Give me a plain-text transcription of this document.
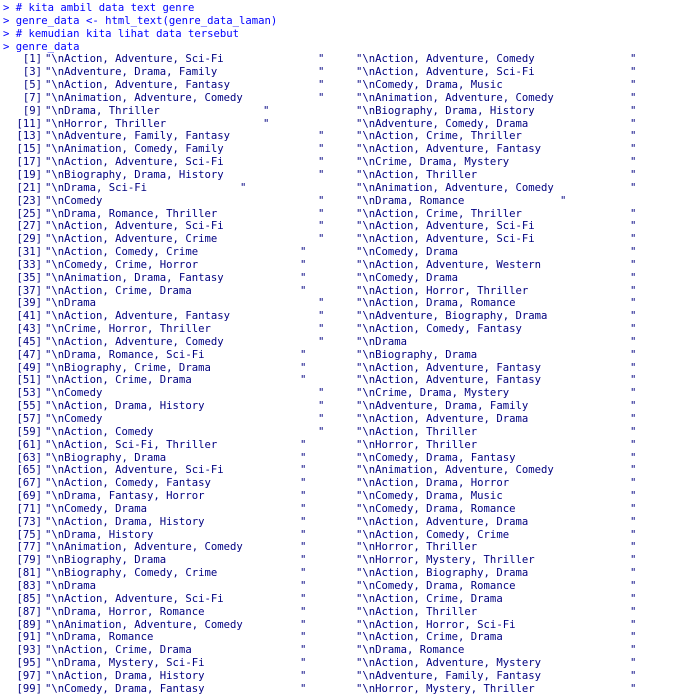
> # kita ambil data text genre
> genre_data <- html_text(genre_data_laman)
> # kemudian kita lihat data tersebut
> genre_data
[1] "\nAction, Adventure, Sci-Fi	"	"\nAction, Adventure, Comedy	"
[3] "\nAdventure, Drama, Family	"	"\nAction, Adventure, Sci-Fi	"
[5] "\nAction, Adventure, Fantasy	"	"\nComedy, Drama, Music	"
[7] "\nAnimation, Adventure, Comedy	"	"\nAnimation, Adventure, Comedy	"
[9] "\nDrama, Thriller	"	"\nBiography, Drama, History	"
[11] "\nHorror, Thriller	"	"\nAdventure, Comedy, Drama	"
[13] "\nAdventure, Family, Fantasy	"	"\nAction, Crime, Thriller	"
[15] "\nAnimation, Comedy, Family	"	"\nAction, Adventure, Fantasy	"
[17] "\nAction, Adventure, Sci-Fi	"	"\nCrime, Drama, Mystery	"
[19] "\nBiography, Drama, History	"	"\nAction, Thriller	"
[21] "\nDrama, Sci-Fi	"	"\nAnimation, Adventure, Comedy	"
[23] "\nComedy	"	"\nDrama, Romance	"
[25] "\nDrama, Romance, Thriller	"	"\nAction, Crime, Thriller	"
[27] "\nAction, Adventure, Sci-Fi	"	"\nAction, Adventure, Sci-Fi	"
[29] "\nAction, Adventure, Crime	"	"\nAction, Adventure, Sci-Fi	"
[31] "\nAction, Comedy, Crime	"	"\nComedy, Drama	"
[33] "\nComedy, Crime, Horror	"	"\nAction, Adventure, Western	"
[35] "\nAnimation, Drama, Fantasy	"	"\nComedy, Drama	"
[37] "\nAction, Crime, Drama	"	"\nAction, Horror, Thriller	"
[39] "\nDrama	"	"\nAction, Drama, Romance	"
[41] "\nAction, Adventure, Fantasy	"	"\nAdventure, Biography, Drama	"
[43] "\nCrime, Horror, Thriller	"	"\nAction, Comedy, Fantasy	"
[45] "\nAction, Adventure, Comedy	"	"\nDrama	"
[47] "\nDrama, Romance, Sci-Fi	"	"\nBiography, Drama	"
[49] "\nBiography, Crime, Drama	"	"\nAction, Adventure, Fantasy	"
[51] "\nAction, Crime, Drama	"	"\nAction, Adventure, Fantasy	"
[53] "\nComedy	"	"\nCrime, Drama, Mystery	"
[55] "\nAction, Drama, History	"	"\nAdventure, Drama, Family	"
[57] "\nComedy	"	"\nAction, Adventure, Drama	"
[59] "\nAction, Comedy	"	"\nAction, Thriller	"
[61] "\nAction, Sci-Fi, Thriller	"	"\nHorror, Thriller	"
[63] "\nBiography, Drama	"	"\nComedy, Drama, Fantasy	"
[65] "\nAction, Adventure, Sci-Fi	"	"\nAnimation, Adventure, Comedy	"
[67] "\nAction, Comedy, Fantasy	"	"\nAction, Drama, Horror	"
[69] "\nDrama, Fantasy, Horror	"	"\nComedy, Drama, Music	"
[71] "\nComedy, Drama	"	"\nComedy, Drama, Romance	"
[73] "\nAction, Drama, History	"	"\nAction, Adventure, Drama	"
[75] "\nDrama, History	"	"\nAction, Comedy, Crime	"
[77] "\nAnimation, Adventure, Comedy	"	"\nHorror, Thriller	"
[79] "\nBiography, Drama	"	"\nHorror, Mystery, Thriller	"
[81] "\nBiography, Comedy, Crime	"	"\nAction, Biography, Drama	"
[83] "\nDrama	"	"\nComedy, Drama, Romance	"
[85] "\nAction, Adventure, Sci-Fi	"	"\nAction, Crime, Drama	"
[87] "\nDrama, Horror, Romance	"	"\nAction, Thriller	"
[89] "\nAnimation, Adventure, Comedy	"	"\nAction, Horror, Sci-Fi	"
[91] "\nDrama, Romance	"	"\nAction, Crime, Drama	"
[93] "\nAction, Crime, Drama	"	"\nDrama, Romance	"
[95] "\nDrama, Mystery, Sci-Fi	"	"\nAction, Adventure, Mystery	"
[97] "\nAction, Drama, History	"	"\nAdventure, Family, Fantasy	"
[99] "\nComedy, Drama, Fantasy	"	"\nHorror, Mystery, Thriller	"
